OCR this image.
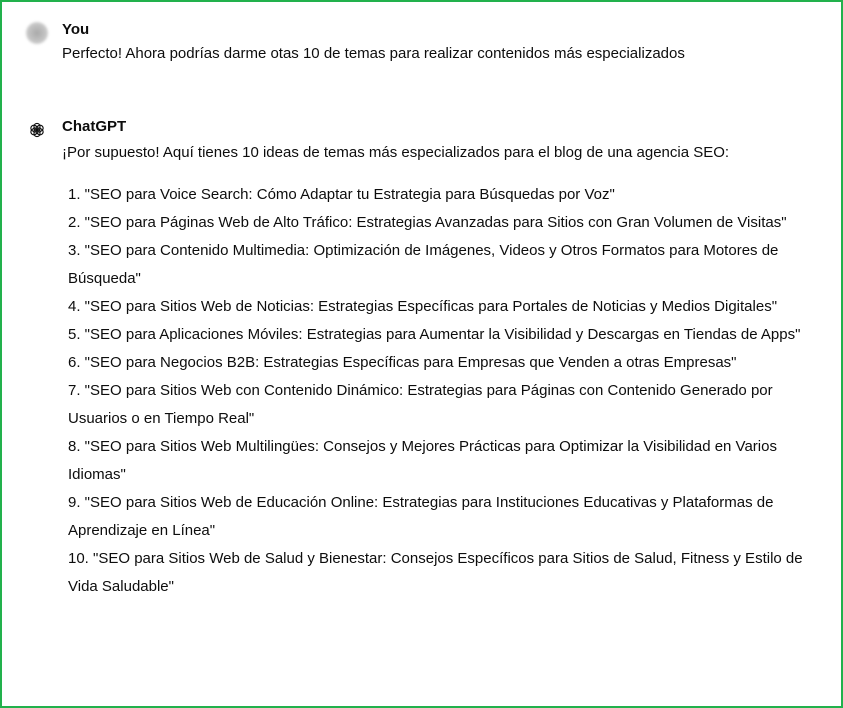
You
Perfecto! Ahora podrías darme otas 10 de temas para realizar contenidos más especializados
ChatGPT
¡Por supuesto! Aquí tienes 10 ideas de temas más especializados para el blog de una agencia SEO:
1. "SEO para Voice Search: Cómo Adaptar tu Estrategia para Búsquedas por Voz"
2. "SEO para Páginas Web de Alto Tráfico: Estrategias Avanzadas para Sitios con Gran Volumen de Visitas"
3. "SEO para Contenido Multimedia: Optimización de Imágenes, Videos y Otros Formatos para Motores de Búsqueda"
4. "SEO para Sitios Web de Noticias: Estrategias Específicas para Portales de Noticias y Medios Digitales"
5. "SEO para Aplicaciones Móviles: Estrategias para Aumentar la Visibilidad y Descargas en Tiendas de Apps"
6. "SEO para Negocios B2B: Estrategias Específicas para Empresas que Venden a otras Empresas"
7. "SEO para Sitios Web con Contenido Dinámico: Estrategias para Páginas con Contenido Generado por Usuarios o en Tiempo Real"
8. "SEO para Sitios Web Multilingües: Consejos y Mejores Prácticas para Optimizar la Visibilidad en Varios Idiomas"
9. "SEO para Sitios Web de Educación Online: Estrategias para Instituciones Educativas y Plataformas de Aprendizaje en Línea"
10. "SEO para Sitios Web de Salud y Bienestar: Consejos Específicos para Sitios de Salud, Fitness y Estilo de Vida Saludable"
